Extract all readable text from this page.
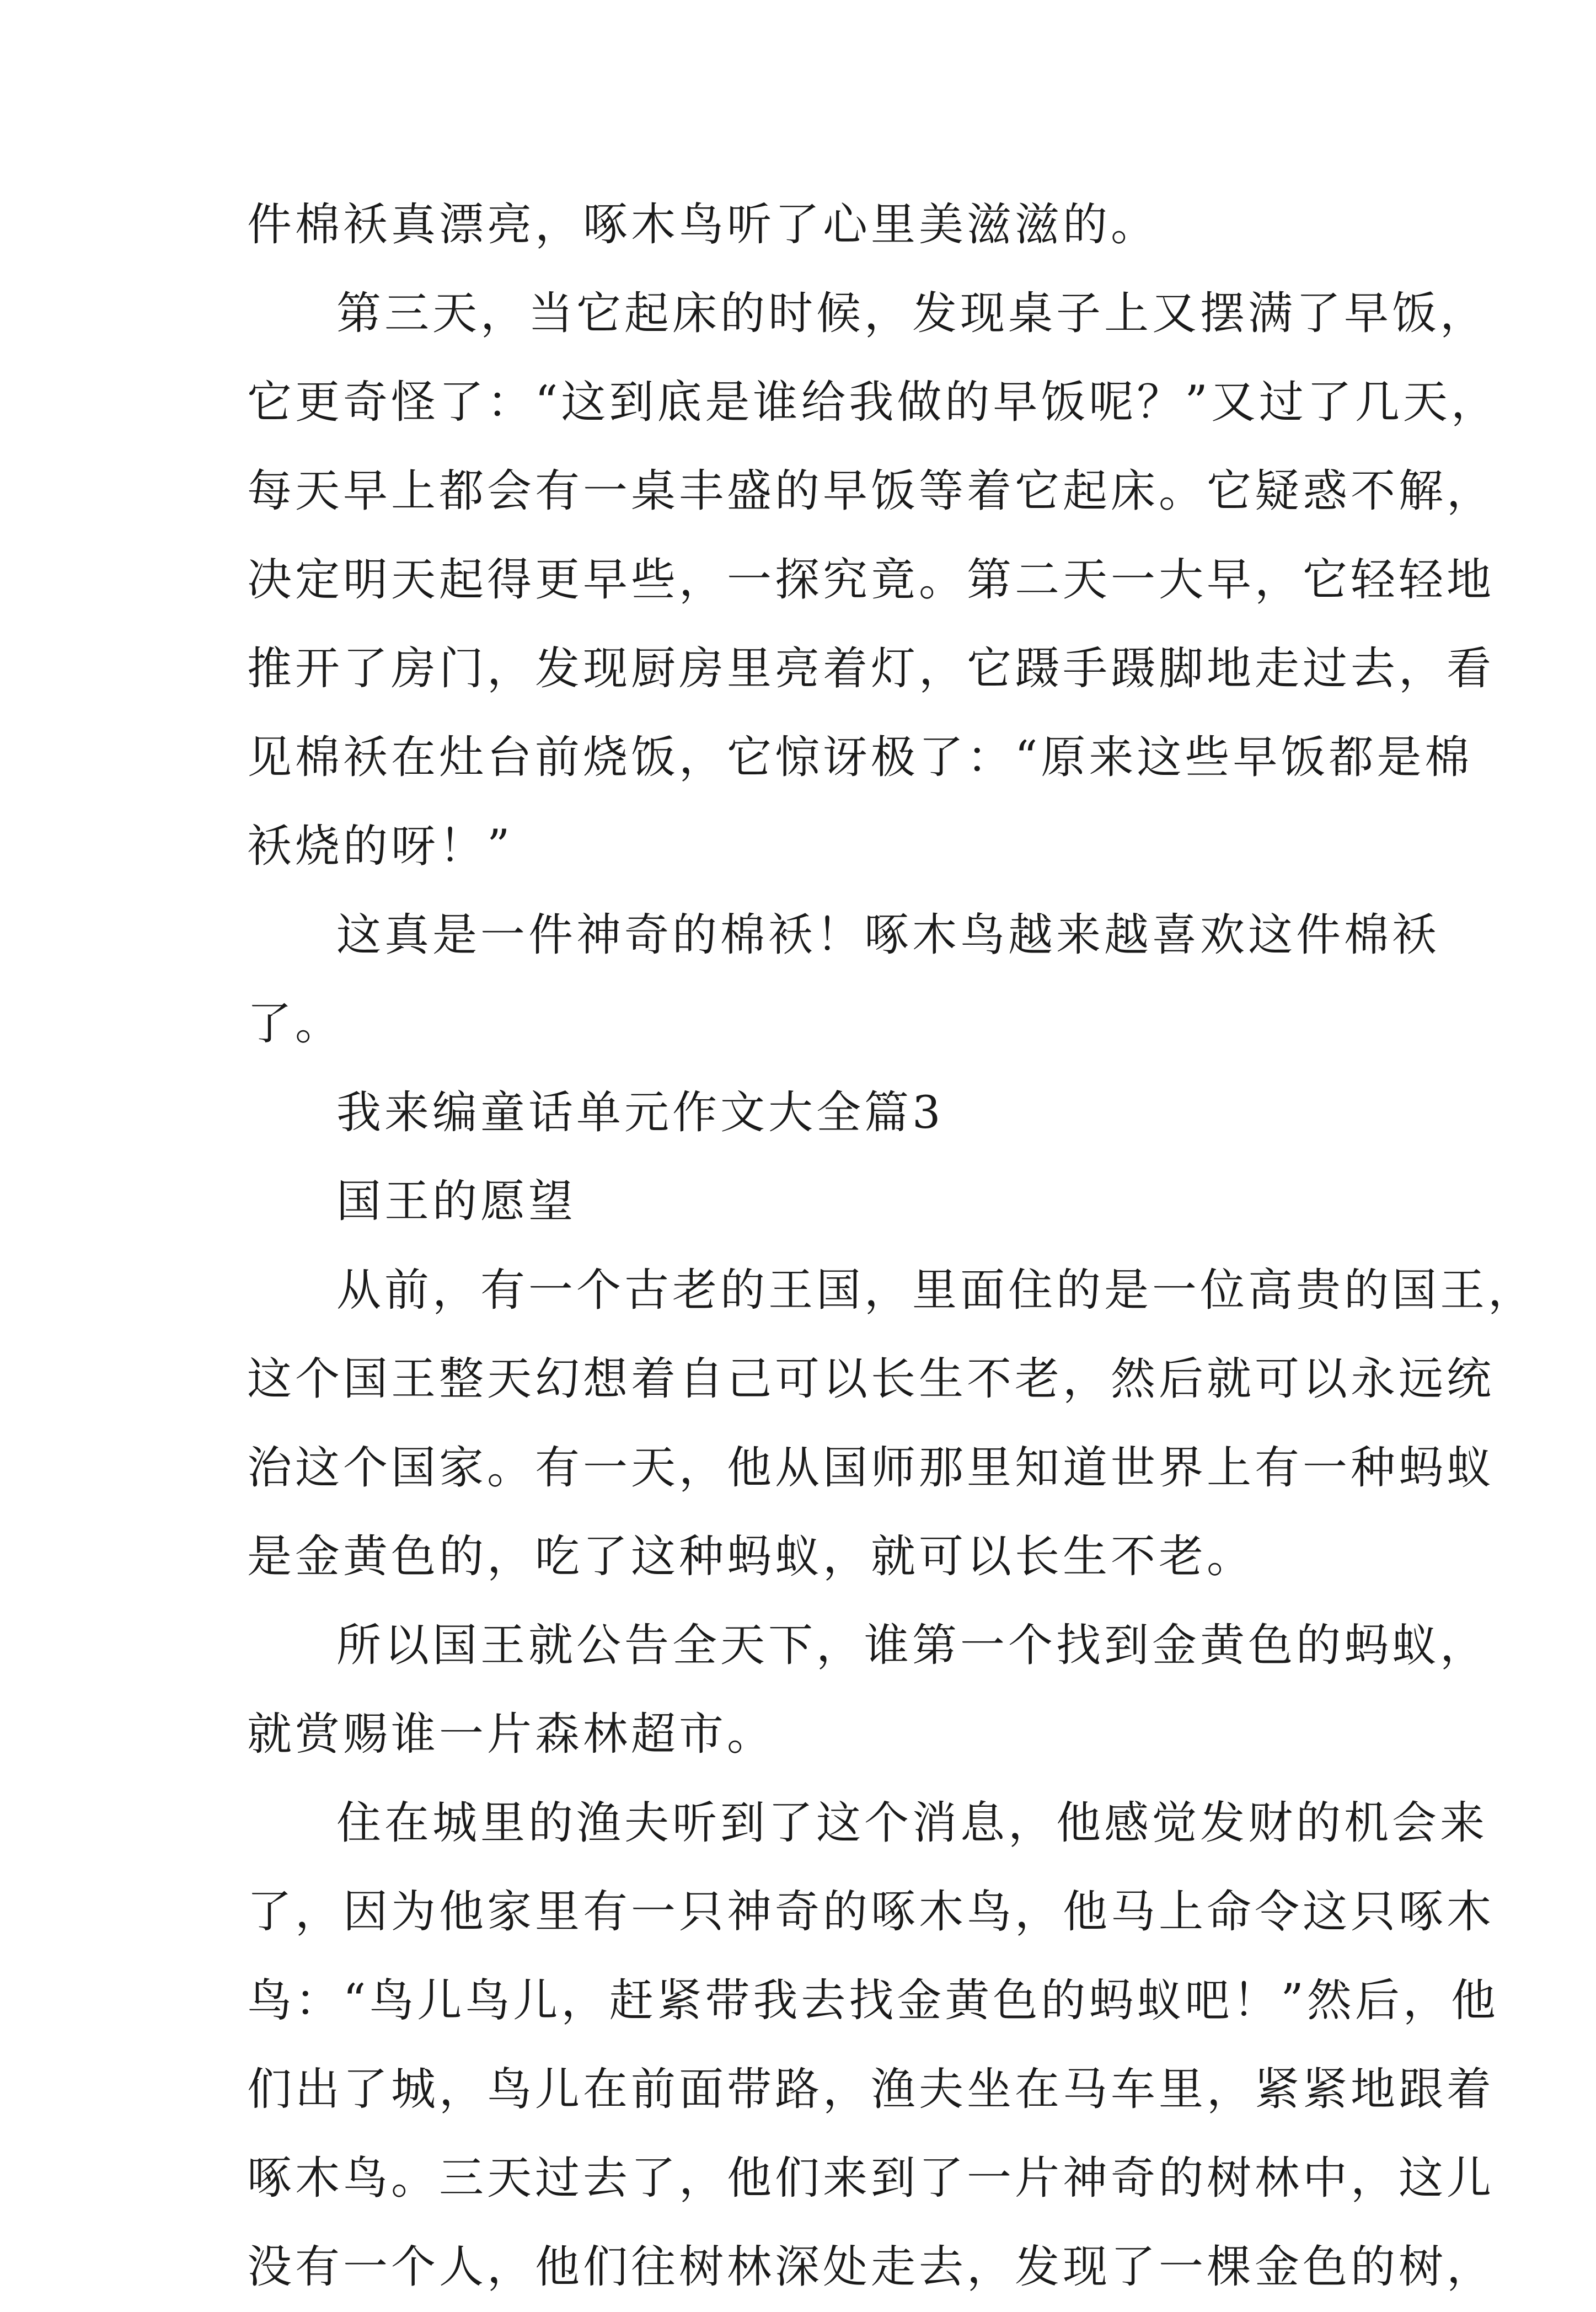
件棉袄真漂亮，啄木鸟听了心里美滋滋的。
第三天，当它起床的时候，发现桌子上又摆满了早饭，
它更奇怪了：“这到底是谁给我做的早饭呢？”又过了几天，
每天早上都会有一桌丰盛的早饭等着它起床。它疑惑不解，
决定明天起得更早些，一探究竟。第二天一大早，它轻轻地
推开了房门，发现厨房里亮着灯，它蹑手蹑脚地走过去，看
见棉袄在灶台前烧饭，它惊讶极了：“原来这些早饭都是棉
袄烧的呀！”
这真是一件神奇的棉袄！啄木鸟越来越喜欢这件棉袄
了。
我来编童话单元作文大全篇3
国王的愿望
从前，有一个古老的王国，里面住的是一位高贵的国王，
这个国王整天幻想着自己可以长生不老，然后就可以永远统
治这个国家。有一天，他从国师那里知道世界上有一种蚂蚁
是金黄色的，吃了这种蚂蚁，就可以长生不老。
所以国王就公告全天下，谁第一个找到金黄色的蚂蚁，
就赏赐谁一片森林超市。
住在城里的渔夫听到了这个消息，他感觉发财的机会来
了，因为他家里有一只神奇的啄木鸟，他马上命令这只啄木
鸟：“鸟儿鸟儿，赶紧带我去找金黄色的蚂蚁吧！”然后，他
们出了城，鸟儿在前面带路，渔夫坐在马车里，紧紧地跟着
啄木鸟。三天过去了，他们来到了一片神奇的树林中，这儿
没有一个人，他们往树林深处走去，发现了一棵金色的树，
